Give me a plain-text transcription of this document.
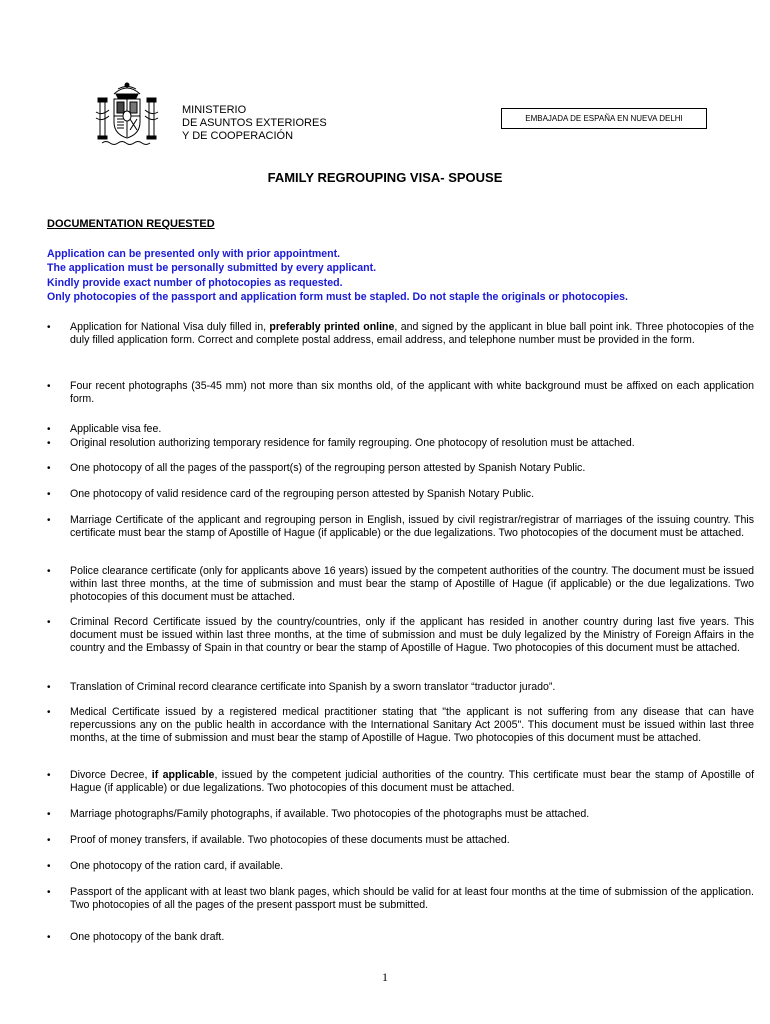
MINISTERIO
DE ASUNTOS EXTERIORES
Y DE COOPERACIÓN
EMBAJADA DE ESPAÑA EN NUEVA DELHI
FAMILY REGROUPING VISA- SPOUSE
DOCUMENTATION REQUESTED
Application can be presented only with prior appointment.
The application must be personally submitted by every applicant.
Kindly provide exact number of photocopies as requested.
Only photocopies of the passport and application form must be stapled. Do not staple the originals or photocopies.
•	Application for National Visa duly filled in, preferably printed online, and signed by the applicant in blue ball point ink. Three photocopies of the duly filled application form. Correct and complete postal address, email address, and telephone number must be provided in the form.
•	Four recent photographs (35-45 mm) not more than six months old, of the applicant with white background must be affixed on each application form.
•	Applicable visa fee.
•	Original resolution authorizing temporary residence for family regrouping. One photocopy of resolution must be attached.
•	One photocopy of all the pages of the passport(s) of the regrouping person attested by Spanish Notary Public.
•	One photocopy of valid residence card of the regrouping person attested by Spanish Notary Public.
•	Marriage Certificate of the applicant and regrouping person in English, issued by civil registrar/registrar of marriages of the issuing country. This certificate must bear the stamp of Apostille of Hague (if applicable) or the due legalizations. Two photocopies of the document must be attached.
•	Police clearance certificate (only for applicants above 16 years) issued by the competent authorities of the country. The document must be issued within last three months, at the time of submission and must bear the stamp of Apostille of Hague (if applicable) or the due legalizations. Two photocopies of this document must be attached.
•	Criminal Record Certificate issued by the country/countries, only if the applicant has resided in another country during last five years. This document must be issued within last three months, at the time of submission and must be duly legalized by the Ministry of Foreign Affairs in the country and the Embassy of Spain in that country or bear the stamp of Apostille of Hague. Two photocopies of this document must be attached.
•	Translation of Criminal record clearance certificate into Spanish by a sworn translator “traductor jurado”.
•	Medical Certificate issued by a registered medical practitioner stating that "the applicant is not suffering from any disease that can have repercussions any on the public health in accordance with the International Sanitary Act 2005". This document must be issued within last three months, at the time of submission and must bear the stamp of Apostille of Hague. Two photocopies of this document must be attached.
•	Divorce Decree, if applicable, issued by the competent judicial authorities of the country. This certificate must bear the stamp of Apostille of Hague (if applicable) or due legalizations. Two photocopies of this document must be attached.
•	Marriage photographs/Family photographs, if available. Two photocopies of the photographs must be attached.
•	Proof of money transfers, if available. Two photocopies of these documents must be attached.
•	One photocopy of the ration card, if available.
•	Passport of the applicant with at least two blank pages, which should be valid for at least four months at the time of submission of the application. Two photocopies of all the pages of the present passport must be submitted.
•	One photocopy of the bank draft.
1
